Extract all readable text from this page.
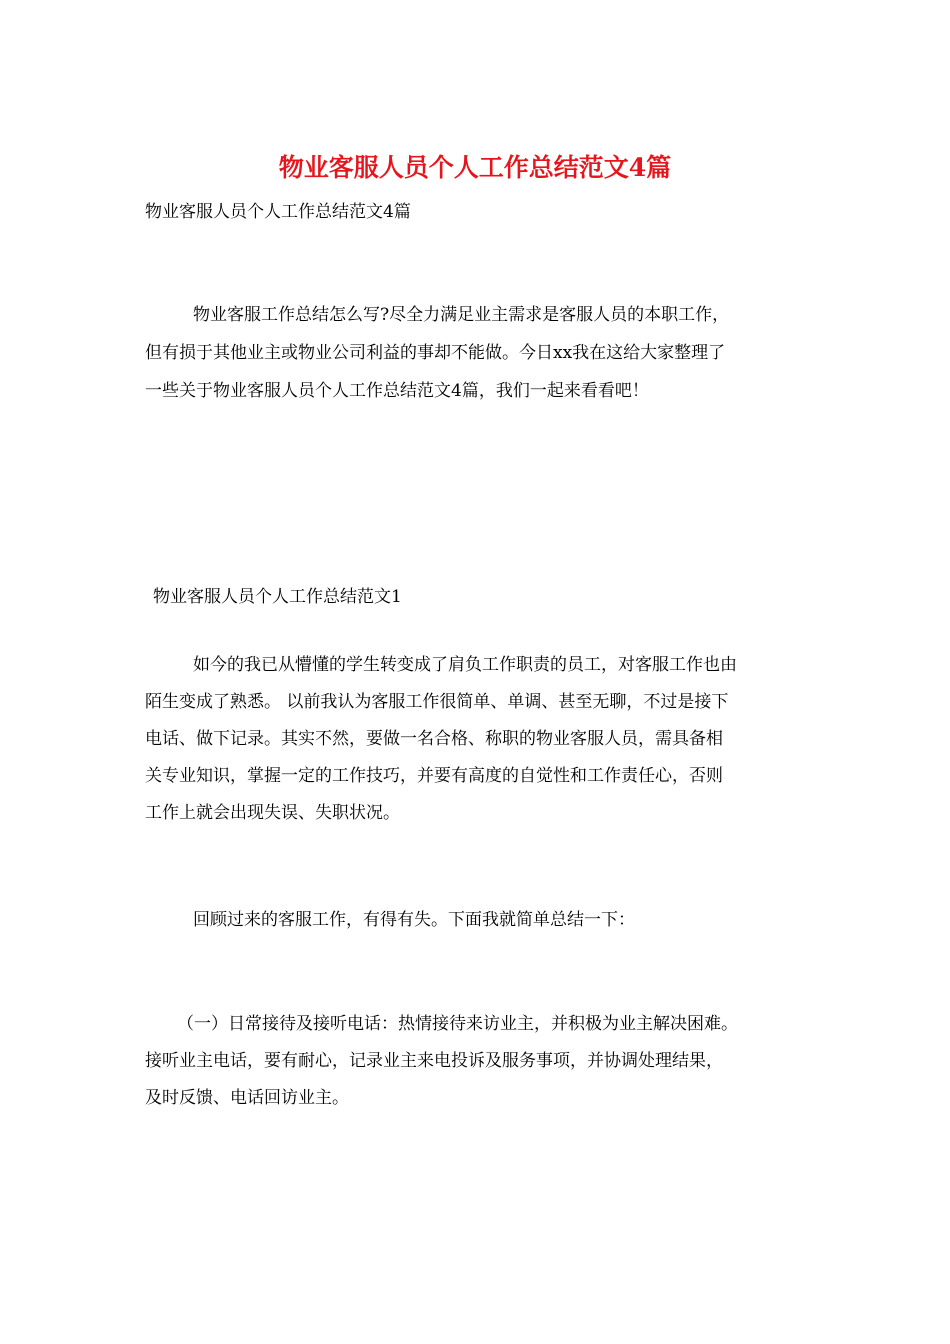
物业客服人员个人工作总结范文4篇

物业客服人员个人工作总结范文4篇

物业客服工作总结怎么写?尽全力满足业主需求是客服人员的本职工作，

但有损于其他业主或物业公司利益的事却不能做。今日xx我在这给大家整理了

一些关于物业客服人员个人工作总结范文4篇，我们一起来看看吧！

物业客服人员个人工作总结范文1

如今的我已从懵懂的学生转变成了肩负工作职责的员工，对客服工作也由

陌生变成了熟悉。 以前我认为客服工作很简单、单调、甚至无聊，不过是接下

电话、做下记录。其实不然，要做一名合格、称职的物业客服人员，需具备相

关专业知识，掌握一定的工作技巧，并要有高度的自觉性和工作责任心，否则

工作上就会出现失误、失职状况。

回顾过来的客服工作，有得有失。下面我就简单总结一下：

（一）日常接待及接听电话：热情接待来访业主，并积极为业主解决困难。

接听业主电话，要有耐心，记录业主来电投诉及服务事项，并协调处理结果，

及时反馈、电话回访业主。
